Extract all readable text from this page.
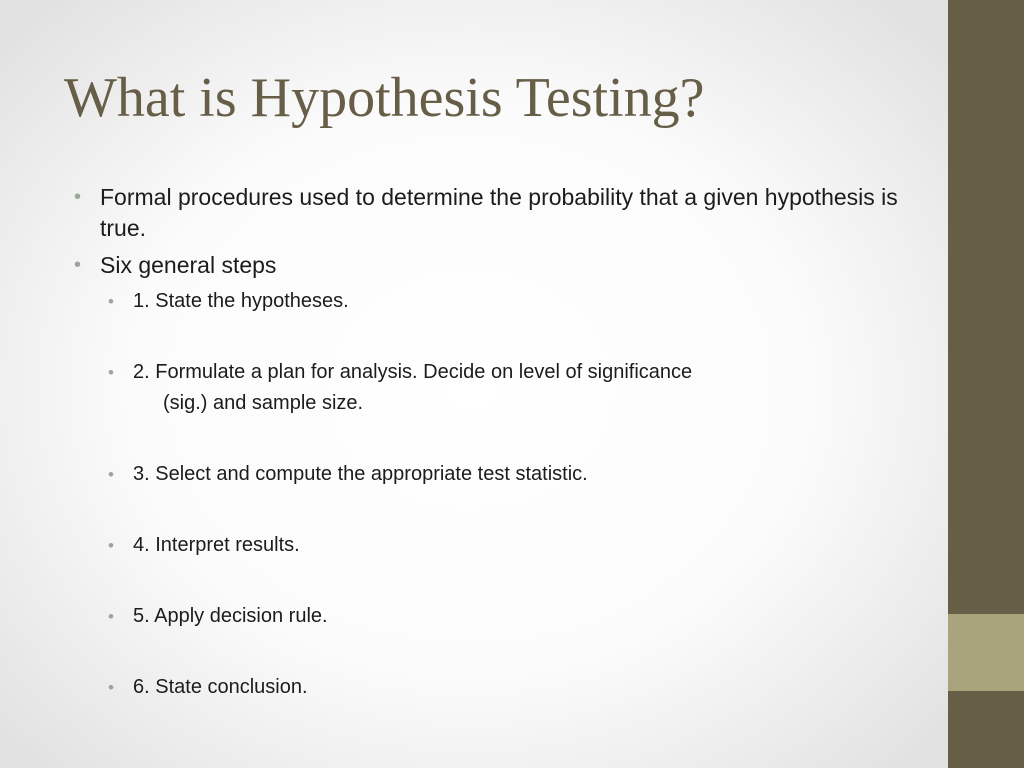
What is Hypothesis Testing?
• Formal procedures used to determine the probability that a given hypothesis is true.
• Six general steps
• 1. State the hypotheses.
• 2. Formulate a plan for analysis. Decide on level of significance
(sig.) and sample size.
• 3. Select and compute the appropriate test statistic.
• 4. Interpret results.
• 5. Apply decision rule.
• 6. State conclusion.
